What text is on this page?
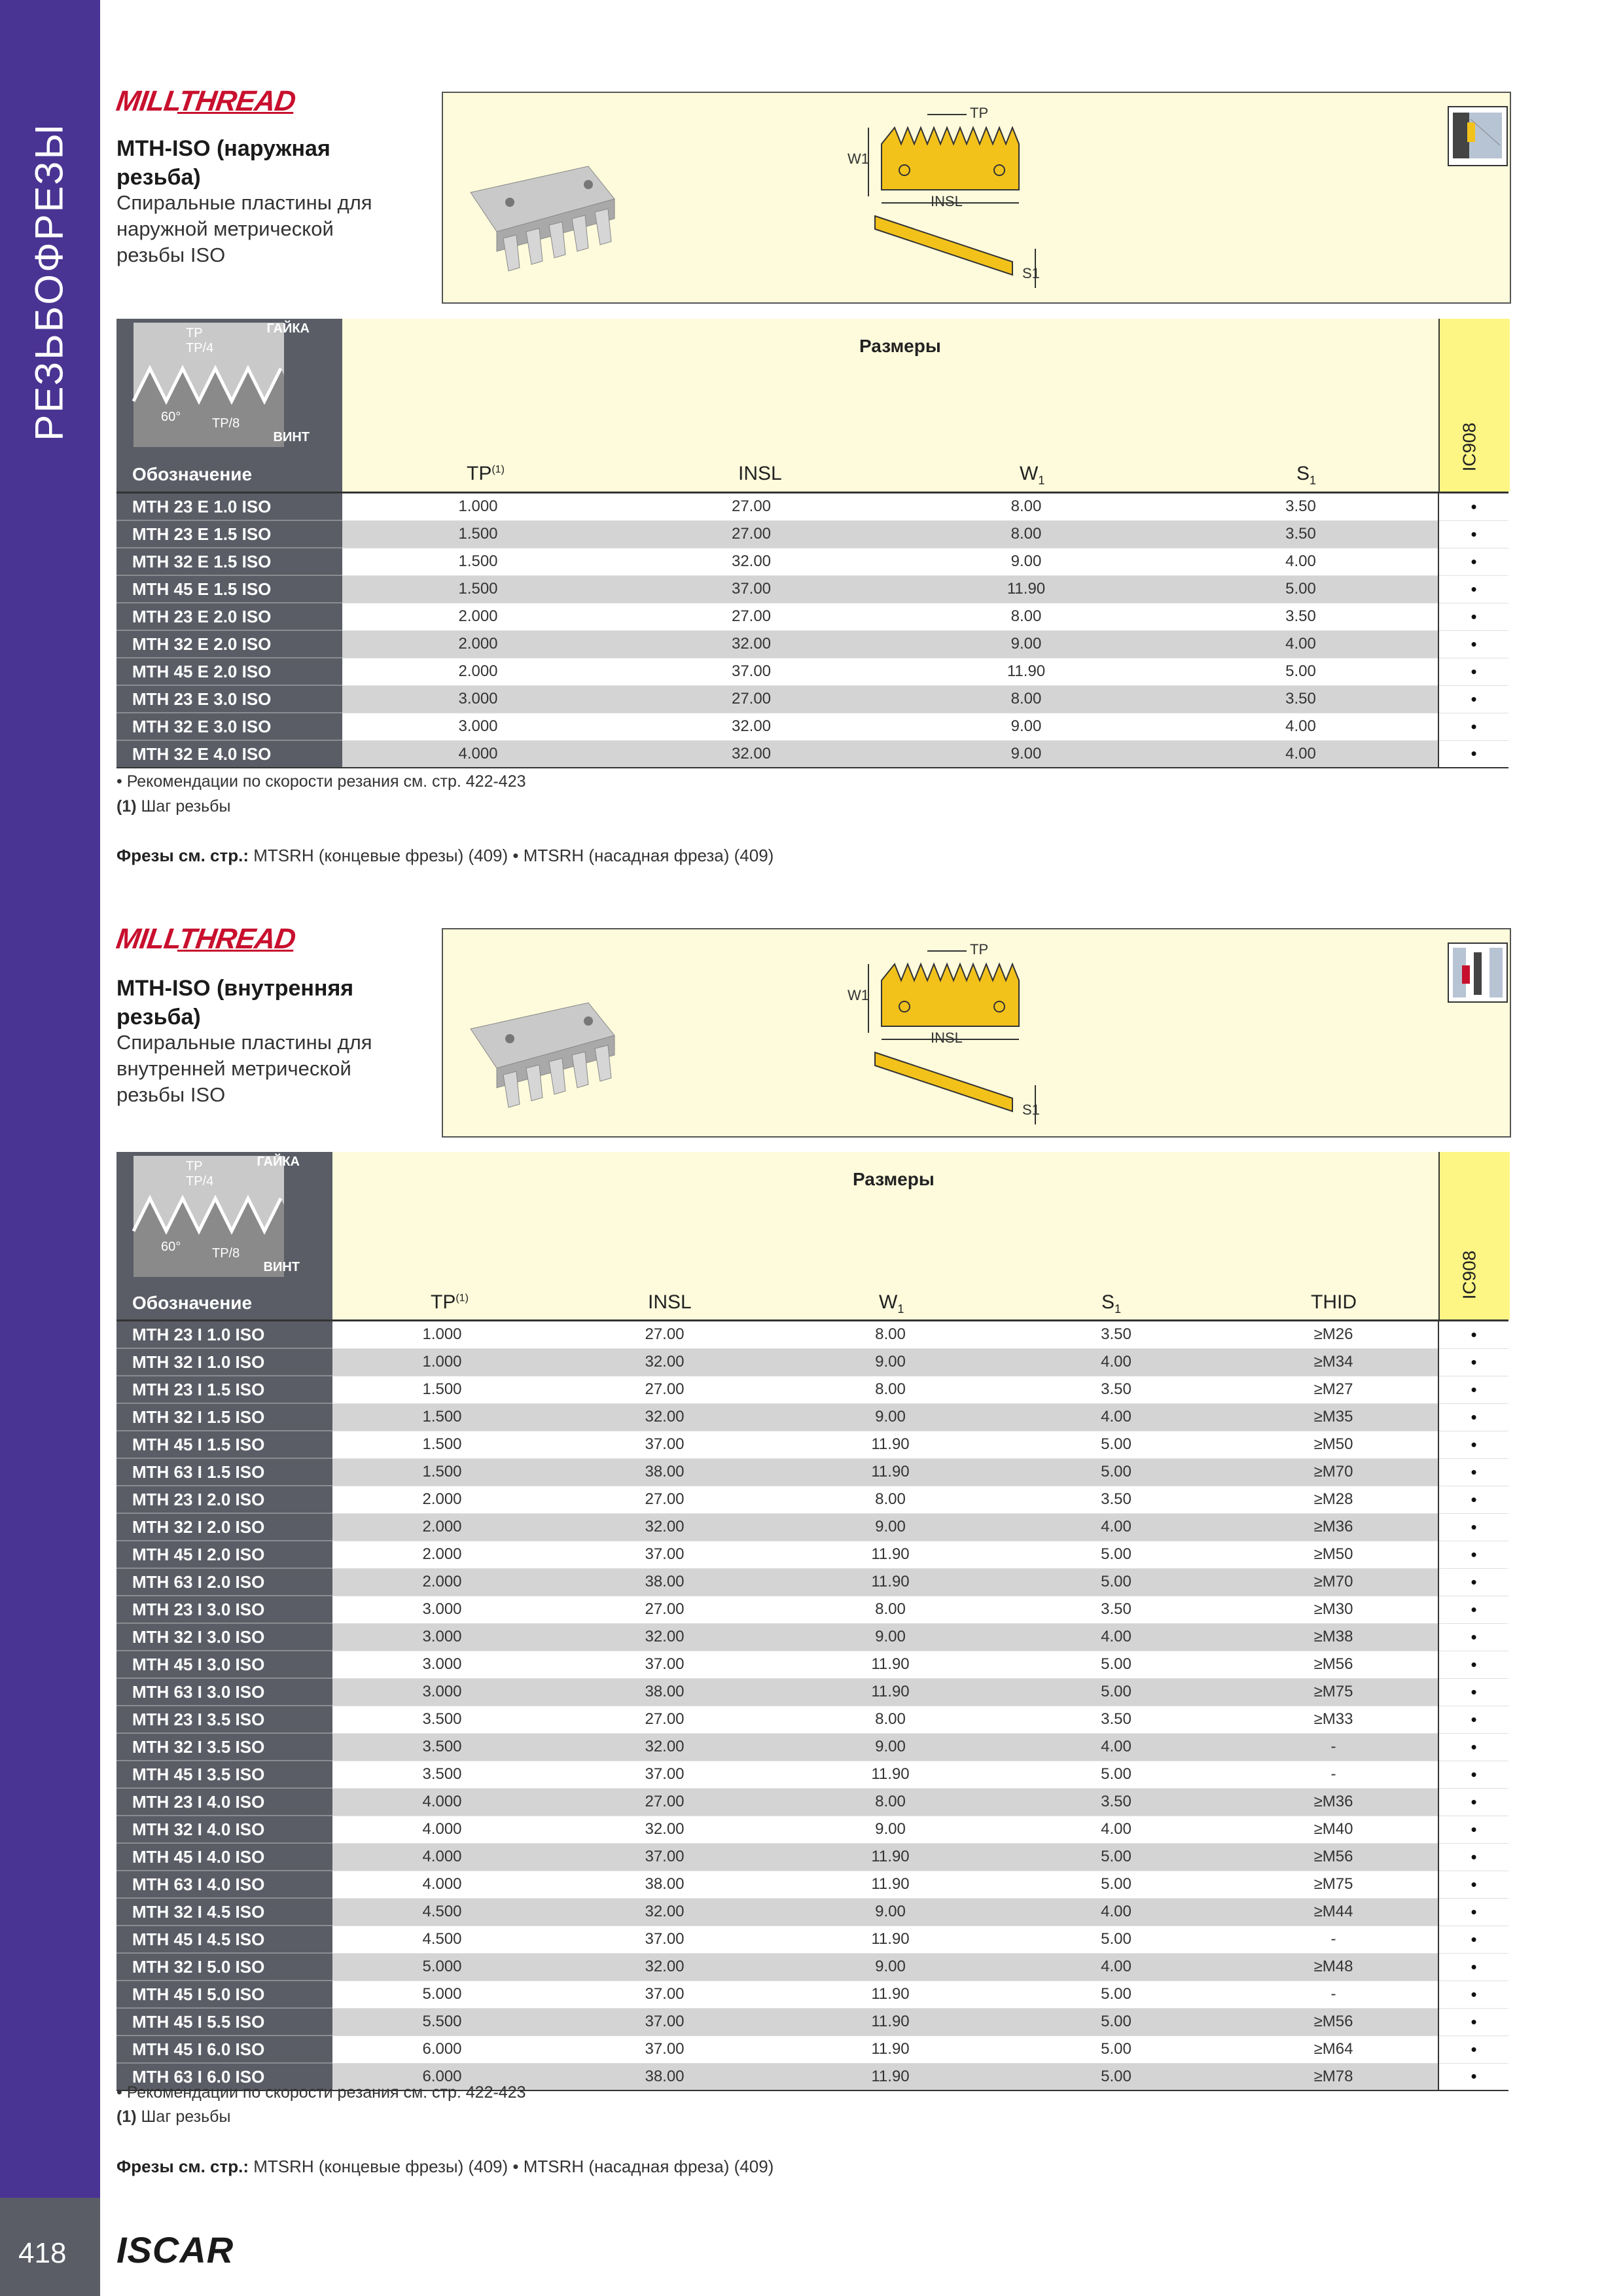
РЕЗЬБОФРЕЗЫ
418 ISCAR
MILLTHREAD
MTH-ISO (наружная
резьба)
Спиральные пластины для
наружной метрической
резьбы ISO
TP
W1
INSL
S1
TP
TP/4
60° TP/8
ГАЙКА
ВИНТ
Обозначение
Размеры
TP$^{(1)}$	INSL	$W_1$	$S_1$
IC908
MTH 23 E 1.0 ISO	1.000	27.00	8.00	3.50	•
MTH 23 E 1.5 ISO	1.500	27.00	8.00	3.50	•
MTH 32 E 1.5 ISO	1.500	32.00	9.00	4.00	•
MTH 45 E 1.5 ISO	1.500	37.00	11.90	5.00	•
MTH 23 E 2.0 ISO	2.000	27.00	8.00	3.50	•
MTH 32 E 2.0 ISO	2.000	32.00	9.00	4.00	•
MTH 45 E 2.0 ISO	2.000	37.00	11.90	5.00	•
MTH 23 E 3.0 ISO	3.000	27.00	8.00	3.50	•
MTH 32 E 3.0 ISO	3.000	32.00	9.00	4.00	•
MTH 32 E 4.0 ISO	4.000	32.00	9.00	4.00	•
• Рекомендации по скорости резания см. стр. 422-423
(1) Шаг резьбы
Фрезы см. стр.: MTSRH (концевые фрезы) (409) • MTSRH (насадная фреза) (409)
MILLTHREAD
MTH-ISO (внутренняя
резьба)
Спиральные пластины для
внутренней метрической
резьбы ISO
TP
W1
INSL
S1
TP
TP/4
60° TP/8
ГАЙКА
ВИНТ
Обозначение
Размеры
TP$^{(1)}$	INSL	$W_1$	$S_1$	THID
IC908
MTH 23 I 1.0 ISO	1.000	27.00	8.00	3.50	≥M26	•
MTH 32 I 1.0 ISO	1.000	32.00	9.00	4.00	≥M34	•
MTH 23 I 1.5 ISO	1.500	27.00	8.00	3.50	≥M27	•
MTH 32 I 1.5 ISO	1.500	32.00	9.00	4.00	≥M35	•
MTH 45 I 1.5 ISO	1.500	37.00	11.90	5.00	≥M50	•
MTH 63 I 1.5 ISO	1.500	38.00	11.90	5.00	≥M70	•
MTH 23 I 2.0 ISO	2.000	27.00	8.00	3.50	≥M28	•
MTH 32 I 2.0 ISO	2.000	32.00	9.00	4.00	≥M36	•
MTH 45 I 2.0 ISO	2.000	37.00	11.90	5.00	≥M50	•
MTH 63 I 2.0 ISO	2.000	38.00	11.90	5.00	≥M70	•
MTH 23 I 3.0 ISO	3.000	27.00	8.00	3.50	≥M30	•
MTH 32 I 3.0 ISO	3.000	32.00	9.00	4.00	≥M38	•
MTH 45 I 3.0 ISO	3.000	37.00	11.90	5.00	≥M56	•
MTH 63 I 3.0 ISO	3.000	38.00	11.90	5.00	≥M75	•
MTH 23 I 3.5 ISO	3.500	27.00	8.00	3.50	≥M33	•
MTH 32 I 3.5 ISO	3.500	32.00	9.00	4.00	-	•
MTH 45 I 3.5 ISO	3.500	37.00	11.90	5.00	-	•
MTH 23 I 4.0 ISO	4.000	27.00	8.00	3.50	≥M36	•
MTH 32 I 4.0 ISO	4.000	32.00	9.00	4.00	≥M40	•
MTH 45 I 4.0 ISO	4.000	37.00	11.90	5.00	≥M56	•
MTH 63 I 4.0 ISO	4.000	38.00	11.90	5.00	≥M75	•
MTH 32 I 4.5 ISO	4.500	32.00	9.00	4.00	≥M44	•
MTH 45 I 4.5 ISO	4.500	37.00	11.90	5.00	-	•
MTH 32 I 5.0 ISO	5.000	32.00	9.00	4.00	≥M48	•
MTH 45 I 5.0 ISO	5.000	37.00	11.90	5.00	-	•
MTH 45 I 5.5 ISO	5.500	37.00	11.90	5.00	≥M56	•
MTH 45 I 6.0 ISO	6.000	37.00	11.90	5.00	≥M64	•
MTH 63 I 6.0 ISO	6.000	38.00	11.90	5.00	≥M78	•
• Рекомендации по скорости резания см. стр. 422-423
(1) Шаг резьбы
Фрезы см. стр.: MTSRH (концевые фрезы) (409) • MTSRH (насадная фреза) (409)
